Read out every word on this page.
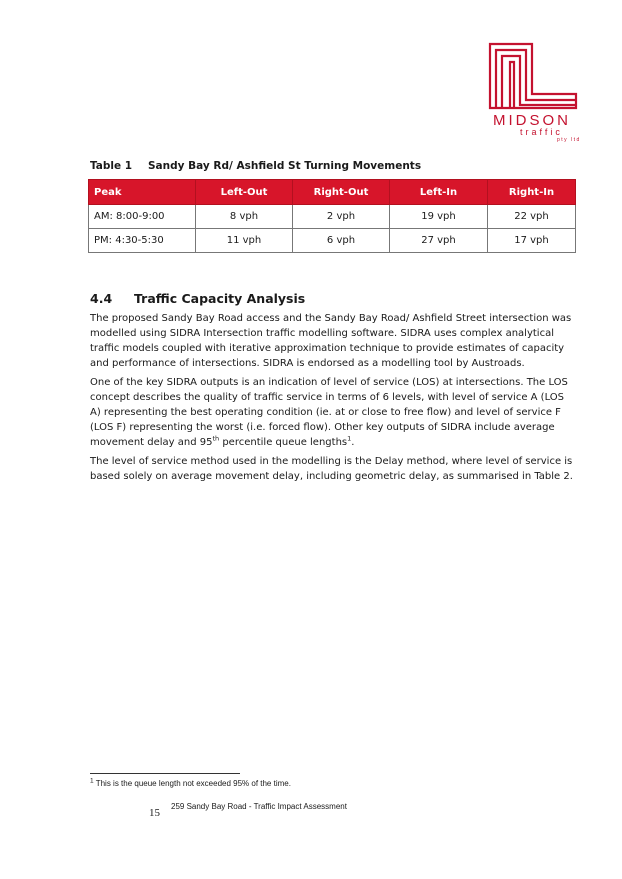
MIDSON
traffic
pty ltd
Table 1 Sandy Bay Rd/ Ashfield St Turning Movements
Peak	Left-Out	Right-Out	Left-In	Right-In
AM: 8:00-9:00	8 vph	2 vph	19 vph	22 vph
PM: 4:30-5:30	11 vph	6 vph	27 vph	17 vph
4.4 Traffic Capacity Analysis

The proposed Sandy Bay Road access and the Sandy Bay Road/ Ashfield Street intersection was modelled using SIDRA Intersection traffic modelling software. SIDRA uses complex analytical traffic models coupled with iterative approximation technique to provide estimates of capacity and performance of intersections. SIDRA is endorsed as a modelling tool by Austroads.

One of the key SIDRA outputs is an indication of level of service (LOS) at intersections. The LOS concept describes the quality of traffic service in terms of 6 levels, with level of service A (LOS A) representing the best operating condition (ie. at or close to free flow) and level of service F (LOS F) representing the worst (i.e. forced flow). Other key outputs of SIDRA include average movement delay and 95th percentile queue lengths$^1$.

The level of service method used in the modelling is the Delay method, where level of service is based solely on average movement delay, including geometric delay, as summarised in Table 2.

$^1$ This is the queue length not exceeded 95% of the time.
15
259 Sandy Bay Road - Traffic Impact Assessment
